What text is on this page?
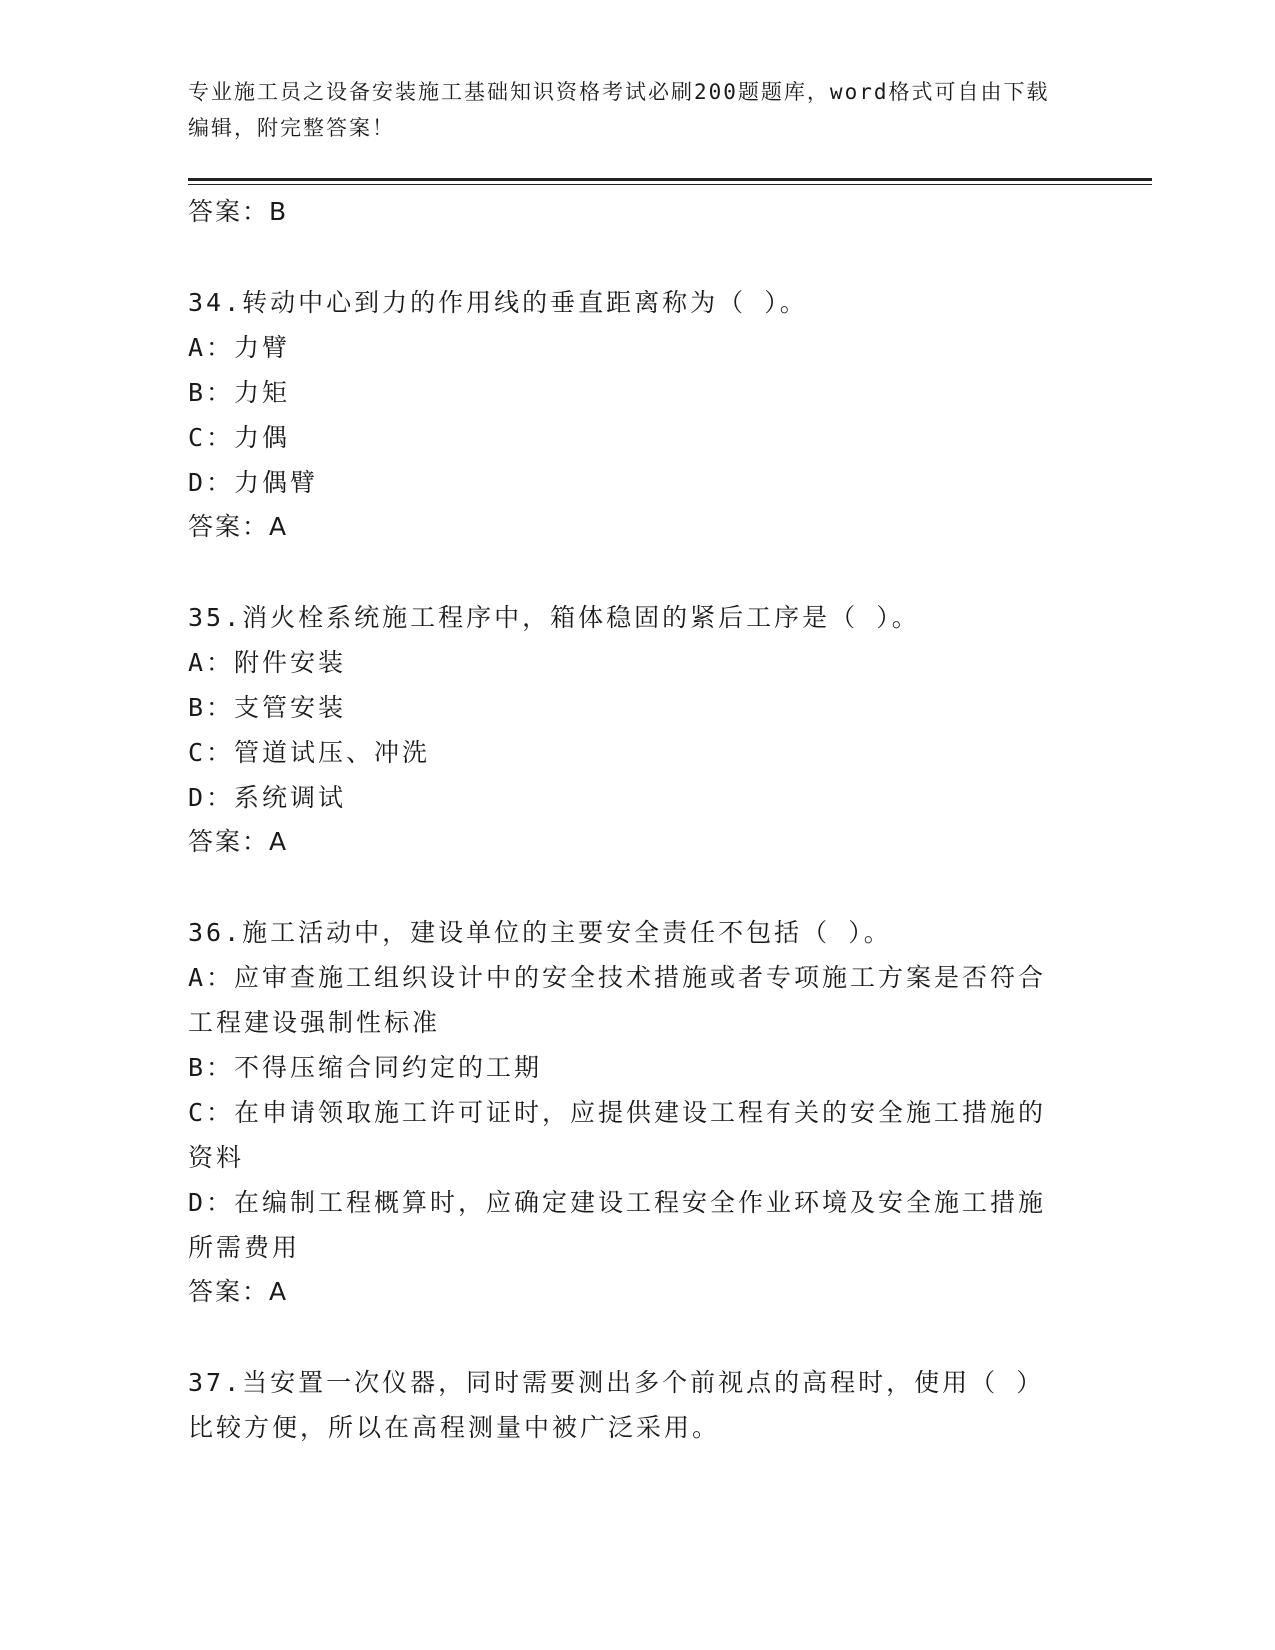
专业施工员之设备安装施工基础知识资格考试必刷200题题库，word格式可自由下载编辑，附完整答案！

答案：B

34.转动中心到力的作用线的垂直距离称为（ ）。

A：力臂

B：力矩

C：力偶

D：力偶臂

答案：A

35.消火栓系统施工程序中，箱体稳固的紧后工序是（ ）。

A：附件安装

B：支管安装

C：管道试压、冲洗

D：系统调试

答案：A

36.施工活动中，建设单位的主要安全责任不包括（ ）。

A：应审查施工组织设计中的安全技术措施或者专项施工方案是否符合工程建设强制性标准

B：不得压缩合同约定的工期

C：在申请领取施工许可证时，应提供建设工程有关的安全施工措施的资料

D：在编制工程概算时，应确定建设工程安全作业环境及安全施工措施所需费用

答案：A

37.当安置一次仪器，同时需要测出多个前视点的高程时，使用（ ）比较方便，所以在高程测量中被广泛采用。
